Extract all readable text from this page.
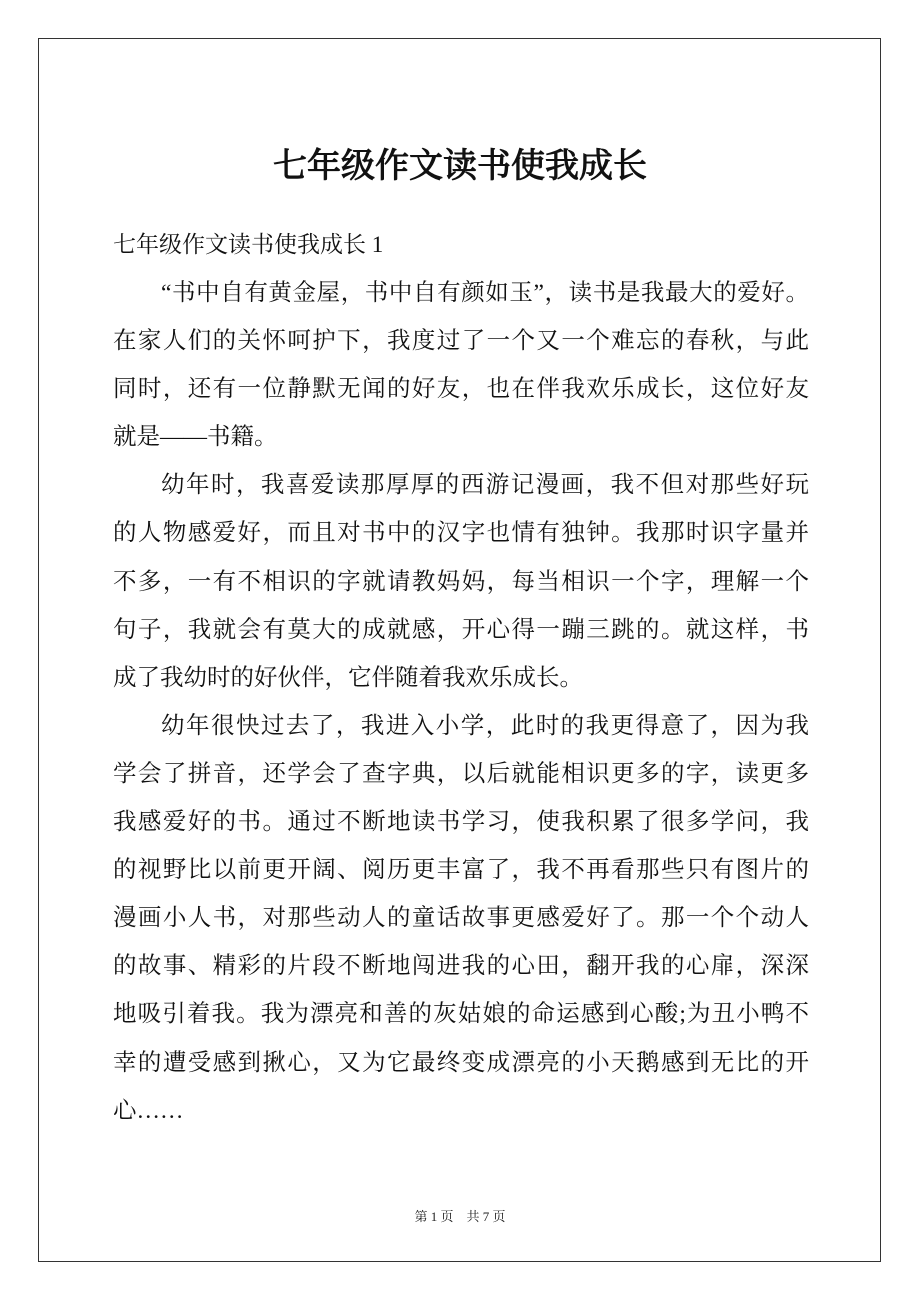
七年级作文读书使我成长
七年级作文读书使我成长 1
“书中自有黄金屋，书中自有颜如玉”，读书是我最大的爱好。
在家人们的关怀呵护下，我度过了一个又一个难忘的春秋，与此
同时，还有一位静默无闻的好友，也在伴我欢乐成长，这位好友
就是——书籍。
幼年时，我喜爱读那厚厚的西游记漫画，我不但对那些好玩
的人物感爱好，而且对书中的汉字也情有独钟。我那时识字量并
不多，一有不相识的字就请教妈妈，每当相识一个字，理解一个
句子，我就会有莫大的成就感，开心得一蹦三跳的。就这样，书
成了我幼时的好伙伴，它伴随着我欢乐成长。
幼年很快过去了，我进入小学，此时的我更得意了，因为我
学会了拼音，还学会了查字典，以后就能相识更多的字，读更多
我感爱好的书。通过不断地读书学习，使我积累了很多学问，我
的视野比以前更开阔、阅历更丰富了，我不再看那些只有图片的
漫画小人书，对那些动人的童话故事更感爱好了。那一个个动人
的故事、精彩的片段不断地闯进我的心田，翻开我的心扉，深深
地吸引着我。我为漂亮和善的灰姑娘的命运感到心酸;为丑小鸭不
幸的遭受感到揪心，又为它最终变成漂亮的小天鹅感到无比的开
心……
第 1 页　共 7 页
